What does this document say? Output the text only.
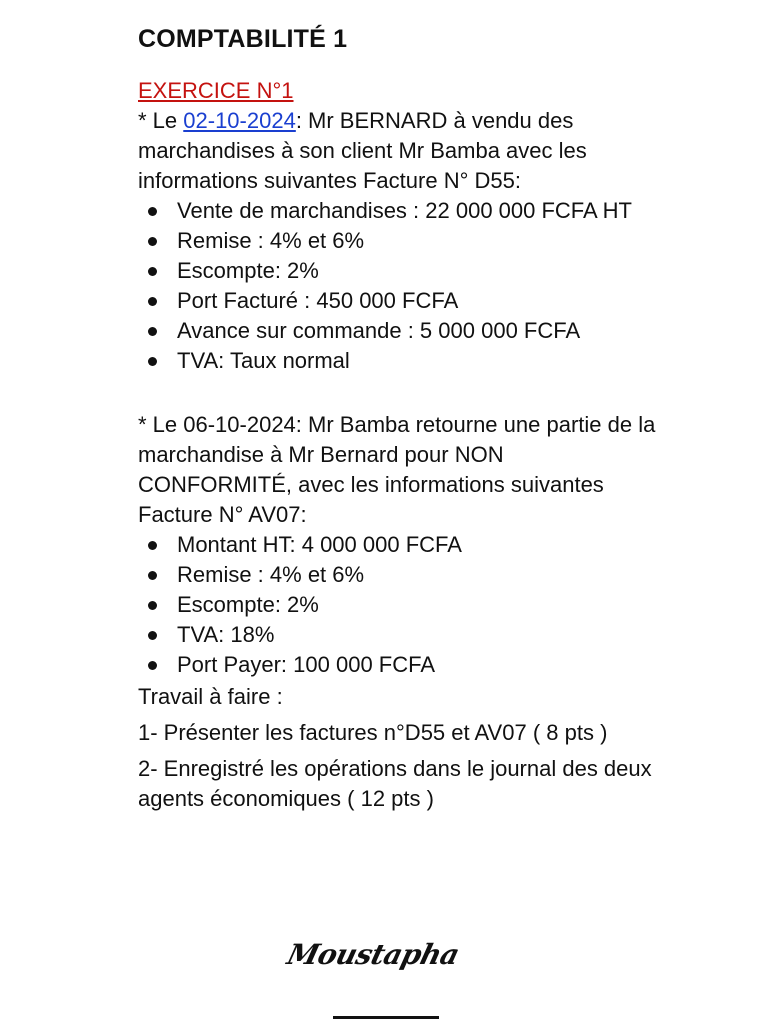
COMPTABILITÉ 1
EXERCICE N°1

* Le 02-10-2024: Mr BERNARD à vendu des marchandises à son client Mr Bamba avec les informations suivantes Facture N° D55:

Vente de marchandises : 22 000 000 FCFA HT
Remise : 4% et 6%
Escompte: 2%
Port Facturé : 450 000 FCFA
Avance sur commande : 5 000 000 FCFA
TVA: Taux normal

* Le 06-10-2024: Mr Bamba retourne une partie de la marchandise à Mr Bernard pour NON CONFORMITÉ, avec les informations suivantes Facture N° AV07:

Montant HT: 4 000 000 FCFA
Remise : 4% et 6%
Escompte: 2%
TVA: 18%
Port Payer: 100 000 FCFA

Travail à faire :

1- Présenter les factures n°D55 et AV07 ( 8 pts )

2- Enregistré les opérations dans le journal des deux agents économiques ( 12 pts )

Moustapha
